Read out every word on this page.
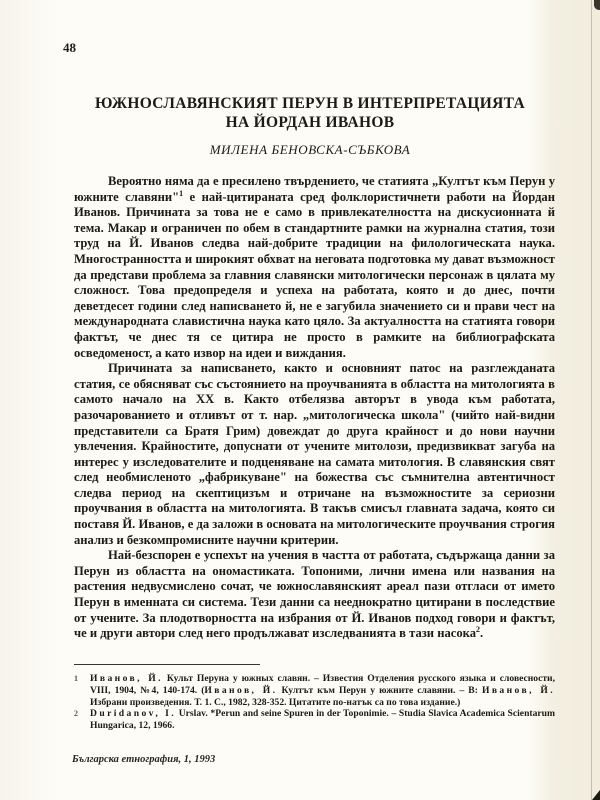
48
ЮЖНОСЛАВЯНСКИЯТ ПЕРУН В ИНТЕРПРЕТАЦИЯТА
НА ЙОРДАН ИВАНОВ
МИЛЕНА БЕНОВСКА-СЪБКОВА

Вероятно няма да е пресилено твърдението, че статията „Култът към Перун у южните славяни"$^1$ е най-цитираната сред фолклористичнети работи на Йордан Иванов. Причината за това не е само в привлекателността на дискусионната й тема. Макар и ограничен по обем в стандартните рамки на журнална статия, този труд на Й. Иванов следва най-добрите традиции на филологическата наука. Многостранността и широкият обхват на неговата подготовка му дават възможност да представи проблема за главния славянски митологически персонаж в цялата му сложност. Това предопределя и успеха на работата, която и до днес, почти деветдесет години след написването й, не е загубила значението си и прави чест на международната славистична наука като цяло. За актуалността на статията говори фактът, че днес тя се цитира не просто в рамките на библиографската осведоменост, а като извор на идеи и виждания.

Причината за написването, както и основният патос на разглежданата статия, се обясняват със състоянието на проучванията в областта на митологията в самото начало на XX в. Както отбелязва авторът в увода към работата, разочарованието и отливът от т. нар. „митологическа школа" (чийто най-видни представители са Братя Грим) довеждат до друга крайност и до нови научни увлечения. Крайностите, допуснати от учените митолози, предизвикват загуба на интерес у изследователите и подценяване на самата митология. В славянския свят след необмисленото „фабрикуване" на божества със съмнителна автентичност следва период на скептицизъм и отричане на възможностите за сериозни проучвания в областта на митологията. В такъв смисъл главната задача, която си поставя Й. Иванов, е да заложи в основата на митологическите проучвания строгия анализ и безкомпромисните научни критерии.

Най-безспорен е успехът на учения в частта от работата, съдържаща данни за Перун из областта на ономастиката. Топоними, лични имена или названия на растения недвусмислено сочат, че южнославянският ареал пази отгласи от името Перун в именната си система. Тези данни са нееднократно цитирани в последствие от учените. За плодотворността на избрания от Й. Иванов подход говори и фактът, че и други автори след него продължават изследванията в тази насока$^2$.

1	Иванов, Й. Культ Перуна у южных славян. – Известия Отделения русского языка и словесности, VIII, 1904, №4, 140-174. (Иванов, Й. Култът към Перун у южните славяни. – В: Иванов, Й. Избрани произведения. Т. 1. С., 1982, 328-352. Цитатите по-натък са по това издание.)
2	Duridanov, I. Urslav. *Perun and seine Spuren in der Toponimie. – Studia Slavica Academica Scientarum Hungarica, 12, 1966.
Българска етнография, 1, 1993
